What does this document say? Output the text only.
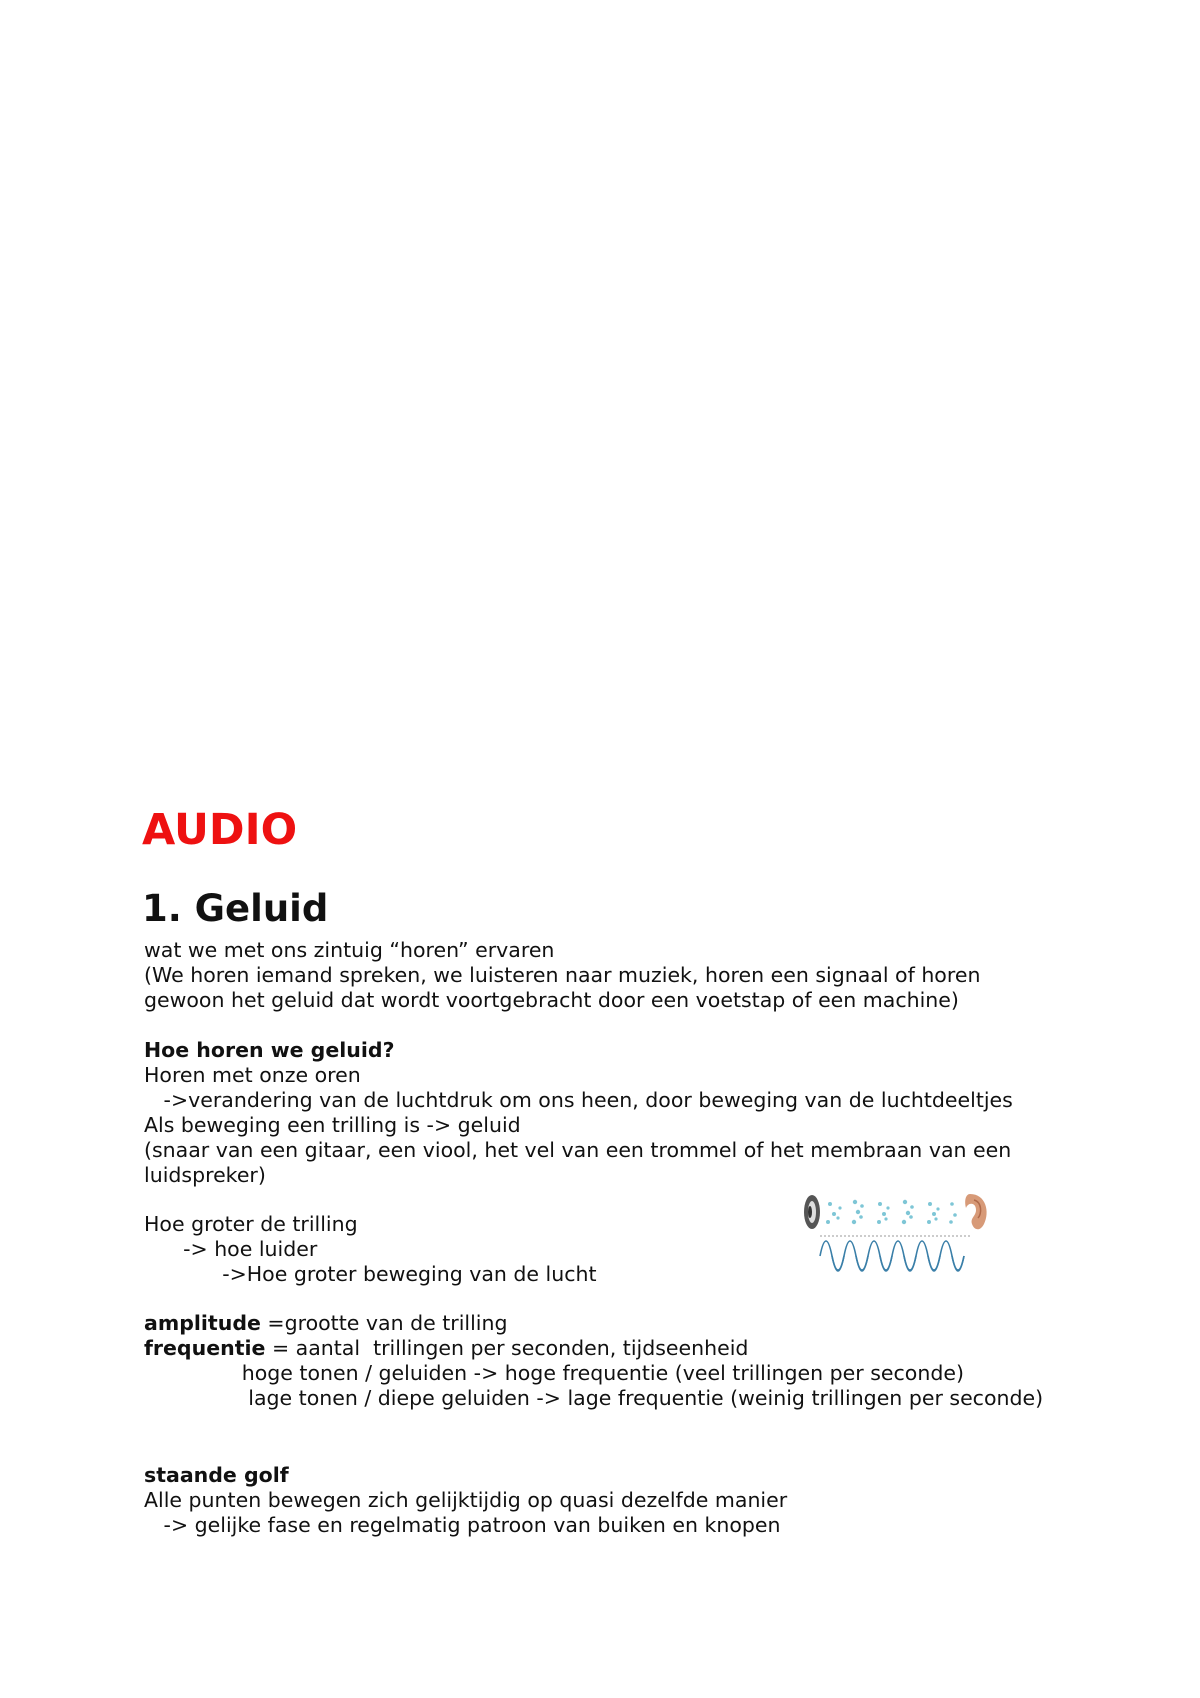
AUDIO
1. Geluid
wat we met ons zintuig “horen” ervaren
(We horen iemand spreken, we luisteren naar muziek, horen een signaal of horen
gewoon het geluid dat wordt voortgebracht door een voetstap of een machine)
Hoe horen we geluid?
Horen met onze oren
->verandering van de luchtdruk om ons heen, door beweging van de luchtdeeltjes
Als beweging een trilling is -> geluid
(snaar van een gitaar, een viool, het vel van een trommel of het membraan van een
luidspreker)
Hoe groter de trilling
-> hoe luider
->Hoe groter beweging van de lucht
amplitude =grootte van de trilling
frequentie = aantal  trillingen per seconden, tijdseenheid
hoge tonen / geluiden -> hoge frequentie (veel trillingen per seconde)
lage tonen / diepe geluiden -> lage frequentie (weinig trillingen per seconde)
staande golf
Alle punten bewegen zich gelijktijdig op quasi dezelfde manier
-> gelijke fase en regelmatig patroon van buiken en knopen
